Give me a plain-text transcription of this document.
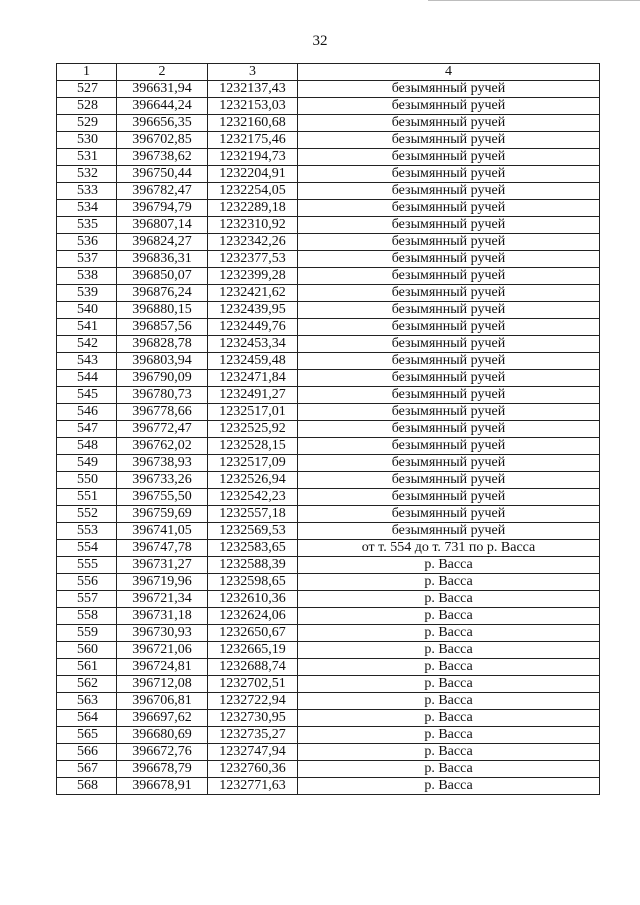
32
1	2	3	4
527	396631,94	1232137,43	безымянный ручей
528	396644,24	1232153,03	безымянный ручей
529	396656,35	1232160,68	безымянный ручей
530	396702,85	1232175,46	безымянный ручей
531	396738,62	1232194,73	безымянный ручей
532	396750,44	1232204,91	безымянный ручей
533	396782,47	1232254,05	безымянный ручей
534	396794,79	1232289,18	безымянный ручей
535	396807,14	1232310,92	безымянный ручей
536	396824,27	1232342,26	безымянный ручей
537	396836,31	1232377,53	безымянный ручей
538	396850,07	1232399,28	безымянный ручей
539	396876,24	1232421,62	безымянный ручей
540	396880,15	1232439,95	безымянный ручей
541	396857,56	1232449,76	безымянный ручей
542	396828,78	1232453,34	безымянный ручей
543	396803,94	1232459,48	безымянный ручей
544	396790,09	1232471,84	безымянный ручей
545	396780,73	1232491,27	безымянный ручей
546	396778,66	1232517,01	безымянный ручей
547	396772,47	1232525,92	безымянный ручей
548	396762,02	1232528,15	безымянный ручей
549	396738,93	1232517,09	безымянный ручей
550	396733,26	1232526,94	безымянный ручей
551	396755,50	1232542,23	безымянный ручей
552	396759,69	1232557,18	безымянный ручей
553	396741,05	1232569,53	безымянный ручей
554	396747,78	1232583,65	от т. 554 до т. 731 по р. Васса
555	396731,27	1232588,39	р. Васса
556	396719,96	1232598,65	р. Васса
557	396721,34	1232610,36	р. Васса
558	396731,18	1232624,06	р. Васса
559	396730,93	1232650,67	р. Васса
560	396721,06	1232665,19	р. Васса
561	396724,81	1232688,74	р. Васса
562	396712,08	1232702,51	р. Васса
563	396706,81	1232722,94	р. Васса
564	396697,62	1232730,95	р. Васса
565	396680,69	1232735,27	р. Васса
566	396672,76	1232747,94	р. Васса
567	396678,79	1232760,36	р. Васса
568	396678,91	1232771,63	р. Васса
